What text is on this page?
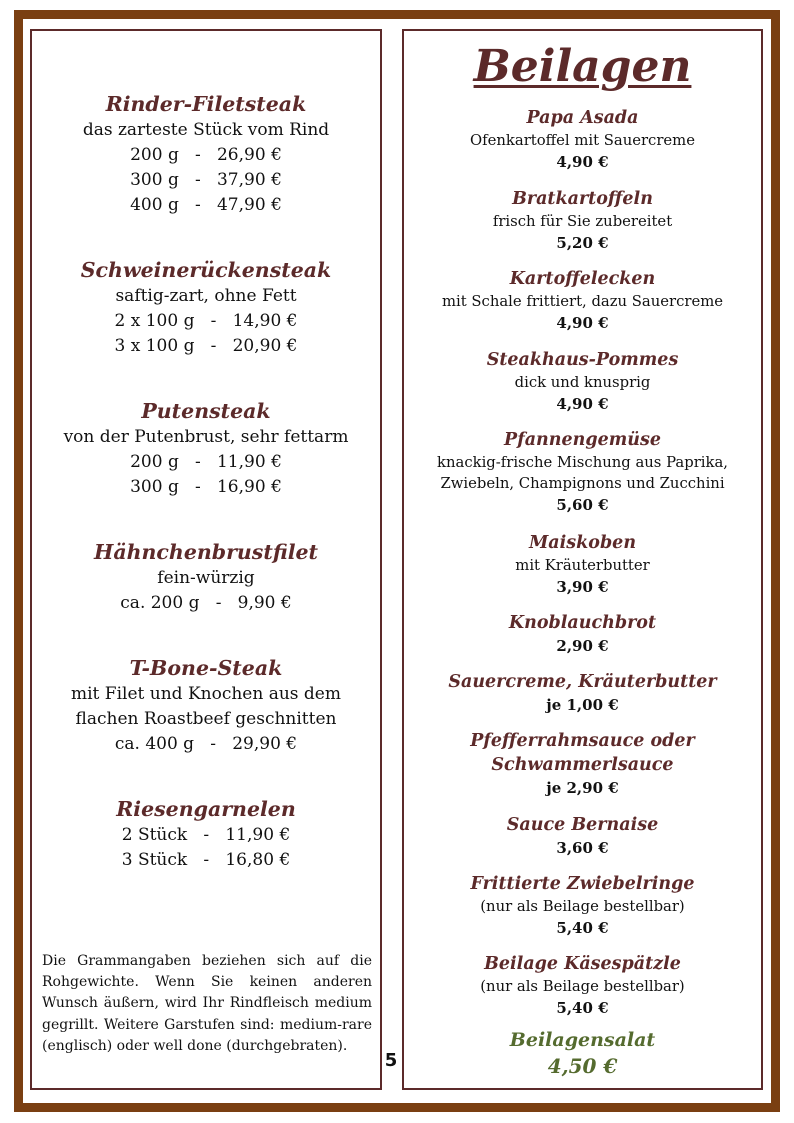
Rinder-Filetsteak
das zarteste Stück vom Rind
200 g   -   26,90 €
300 g   -   37,90 €
400 g   -   47,90 €
Schweinerückensteak
saftig-zart, ohne Fett
2 x 100 g   -   14,90 €
3 x 100 g   -   20,90 €
Putensteak
von der Putenbrust, sehr fettarm
200 g   -   11,90 €
300 g   -   16,90 €
Hähnchenbrustfilet
fein-würzig
ca. 200 g   -   9,90 €
T-Bone-Steak
mit Filet und Knochen aus dem
flachen Roastbeef geschnitten
ca. 400 g   -   29,90 €
Riesengarnelen
2 Stück   -   11,90 €
3 Stück   -   16,80 €
Die Grammangaben beziehen sich auf die Rohgewichte. Wenn Sie keinen anderen Wunsch äußern, wird Ihr Rindfleisch medium gegrillt. Weitere Garstufen sind: medium-rare (englisch) oder well done (durchgebraten).
5
Beilagen
Papa Asada
Ofenkartoffel mit Sauercreme
4,90 €
Bratkartoffeln
frisch für Sie zubereitet
5,20 €
Kartoffelecken
mit Schale frittiert, dazu Sauercreme
4,90 €
Steakhaus-Pommes
dick und knusprig
4,90 €
Pfannengemüse
knackig-frische Mischung aus Paprika,
Zwiebeln, Champignons und Zucchini
5,60 €
Maiskoben
mit Kräuterbutter
3,90 €
Knoblauchbrot
2,90 €
Sauercreme, Kräuterbutter
je 1,00 €
Pfefferrahmsauce oder
Schwammerlsauce
je 2,90 €
Sauce Bernaise
3,60 €
Frittierte Zwiebelringe
(nur als Beilage bestellbar)
5,40 €
Beilage Käsespätzle
(nur als Beilage bestellbar)
5,40 €
Beilagensalat
4,50 €
